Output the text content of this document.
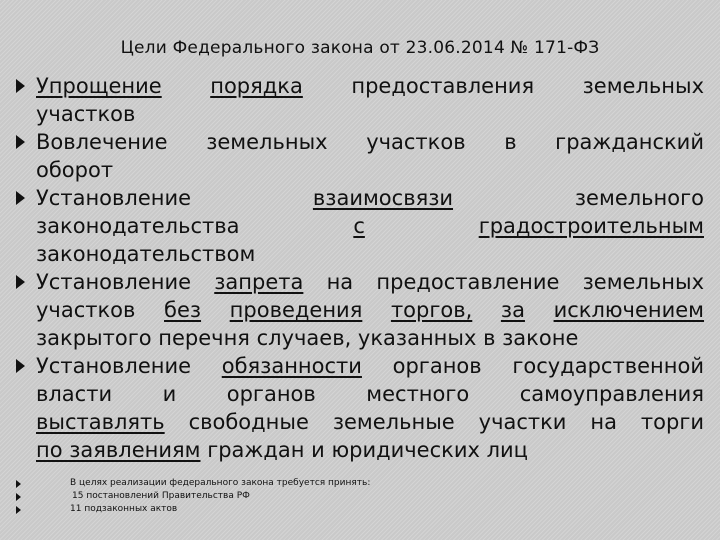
Цели Федерального закона от 23.06.2014 № 171-ФЗ
Упрощение порядка предоставления земельных
участков
Вовлечение земельных участков в гражданский
оборот
Установление	взаимосвязи	земельного
законодательства	с	градостроительным
законодательством
Установление запрета на предоставление земельных
участков без проведения торгов, за исключением
закрытого перечня случаев, указанных в законе
Установление обязанности органов государственной
власти и органов местного самоуправления
выставлять свободные земельные участки на торги
по заявлениям граждан и юридических лиц
В целях реализации федерального закона требуется принять:
15 постановлений Правительства РФ
11 подзаконных актов
